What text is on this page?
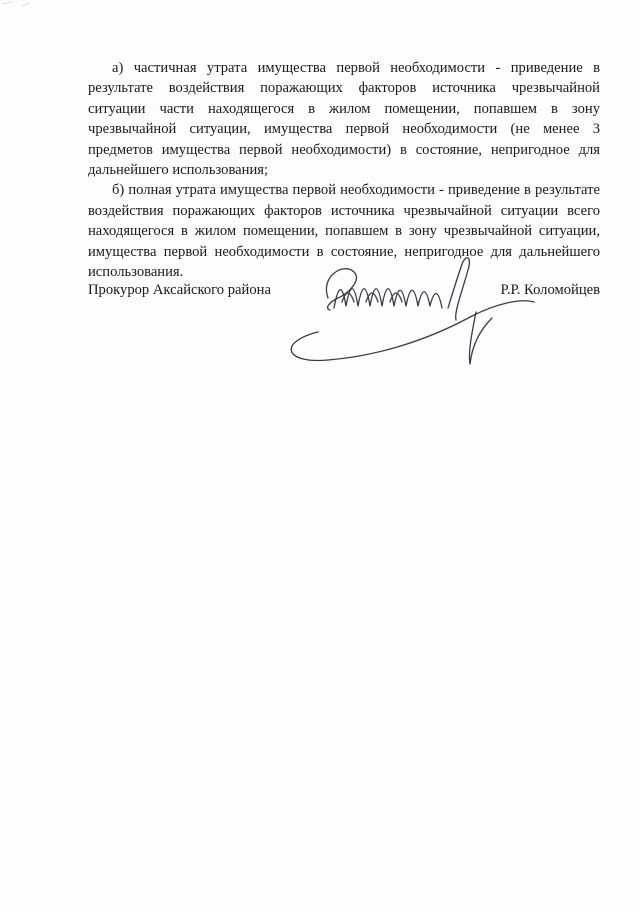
а) частичная утрата имущества первой необходимости - приведение в результате воздействия поражающих факторов источника чрезвычайной ситуации части находящегося в жилом помещении, попавшем в зону чрезвычайной ситуации, имущества первой необходимости (не менее 3 предметов имущества первой необходимости) в состояние, непригодное для дальнейшего использования;

б) полная утрата имущества первой необходимости - приведение в результате воздействия поражающих факторов источника чрезвычайной ситуации всего находящегося в жилом помещении, попавшем в зону чрезвычайной ситуации, имущества первой необходимости в состояние, непригодное для дальнейшего использования.

Прокурор Аксайского района	Р.Р. Коломойцев
